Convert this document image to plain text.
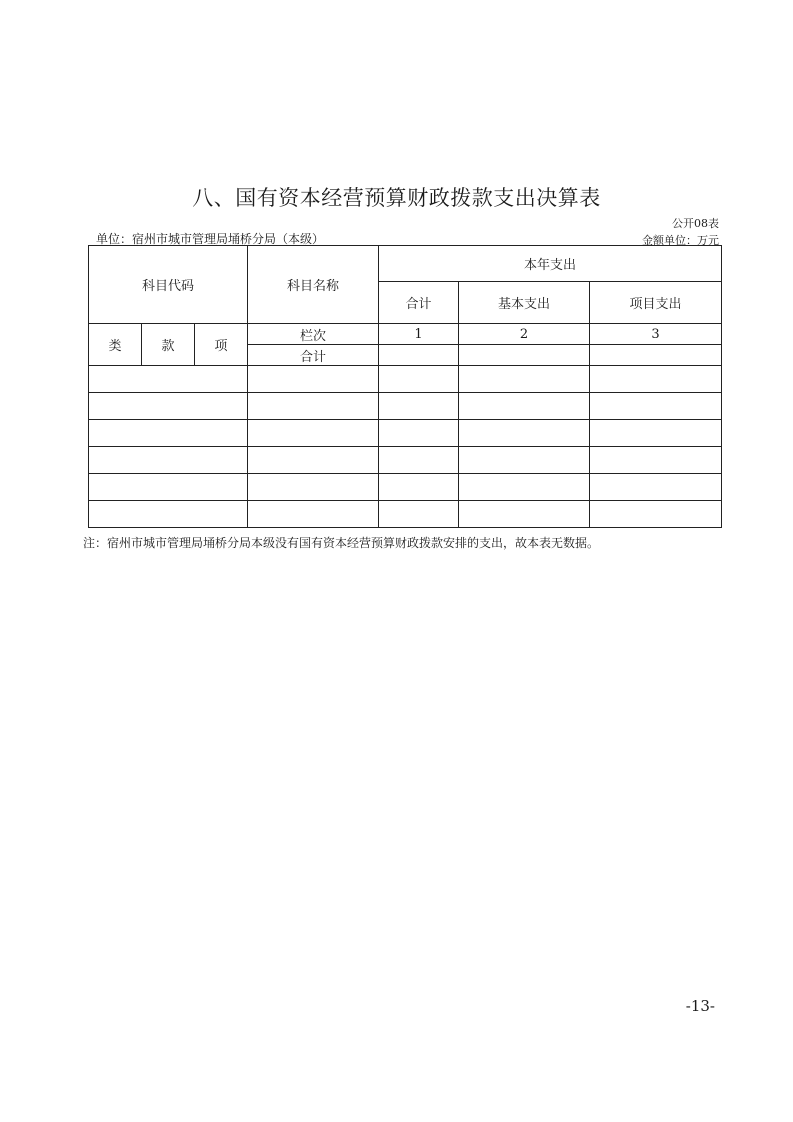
八、国有资本经营预算财政拨款支出决算表
公开08表
单位：宿州市城市管理局埇桥分局（本级）	金额单位：万元
科目代码			科目名称	本年支出		
				合计	基本支出	项目支出
类	款	项	栏次	1	2	3
			合计			

注：宿州市城市管理局埇桥分局本级没有国有资本经营预算财政拨款安排的支出，故本表无数据。
-13-
